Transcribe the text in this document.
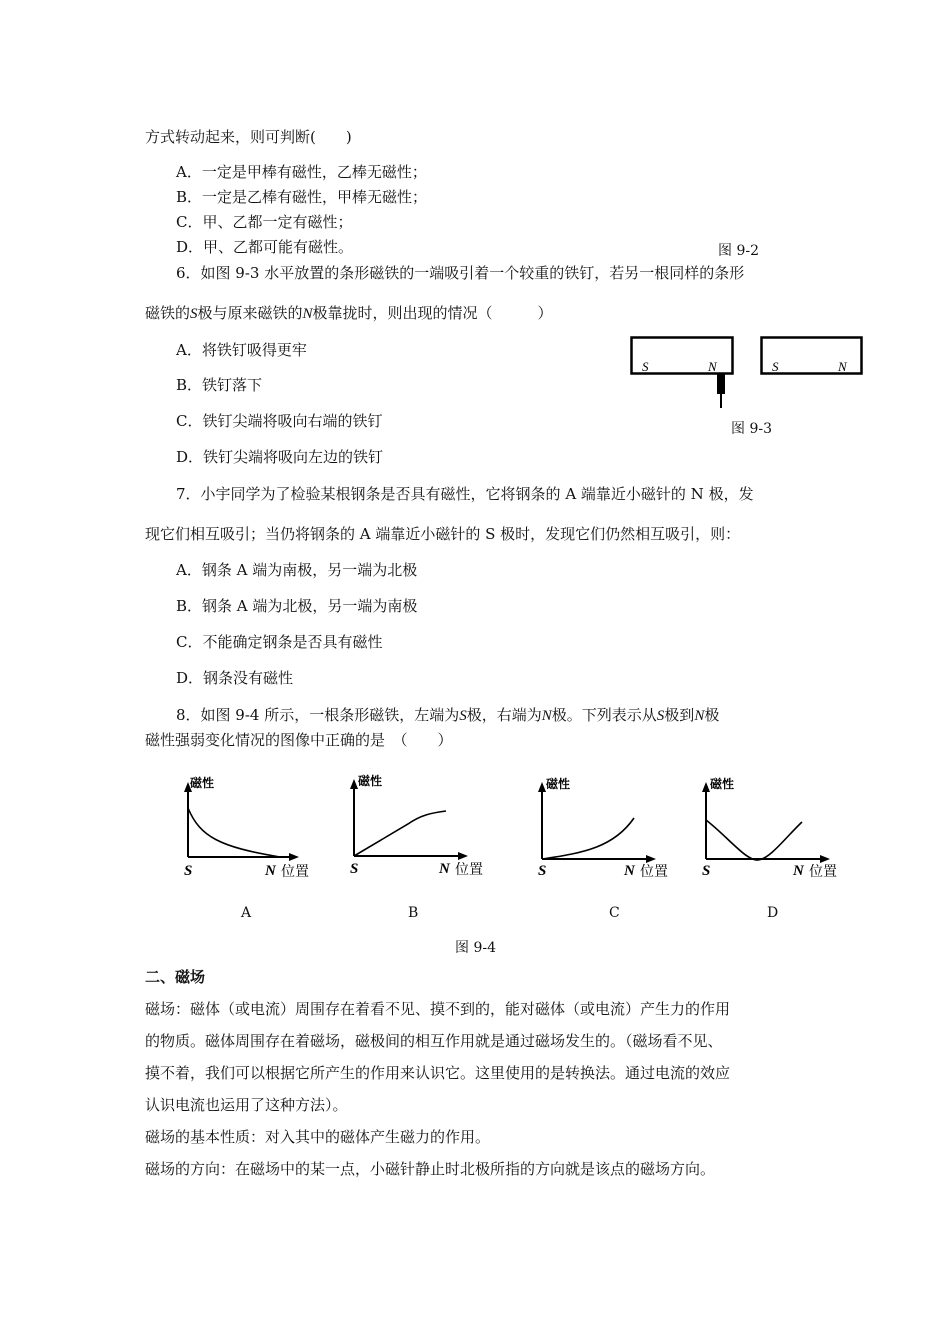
方式转动起来，则可判断(　　)
A．一定是甲棒有磁性，乙棒无磁性；
B．一定是乙棒有磁性，甲棒无磁性；
C．甲、乙都一定有磁性；
D．甲、乙都可能有磁性。	图 9-2
6．如图 9-3 水平放置的条形磁铁的一端吸引着一个较重的铁钉，若另一根同样的条形
磁铁的S极与原来磁铁的N极靠拢时，则出现的情况（　　　）
A．将铁钉吸得更牢
B．铁钉落下
C．铁钉尖端将吸向右端的铁钉
D．铁钉尖端将吸向左边的铁钉
S	N	S	N
图 9-3
7．小宇同学为了检验某根钢条是否具有磁性，它将钢条的 A 端靠近小磁针的 N 极，发
现它们相互吸引；当仍将钢条的 A 端靠近小磁针的 S 极时，发现它们仍然相互吸引，则：
A．钢条 A 端为南极，另一端为北极
B．钢条 A 端为北极，另一端为南极
C．不能确定钢条是否具有磁性
D．钢条没有磁性
8．如图 9-4 所示，一根条形磁铁，左端为S极，右端为N极。下列表示从S极到N极
磁性强弱变化情况的图像中正确的是　（　　）
磁性
S	N 位置
磁性
S	N 位置
磁性
S	N 位置
磁性
S	N 位置
A	B	C	D
图 9-4
二、磁场
磁场：磁体（或电流）周围存在着看不见、摸不到的，能对磁体（或电流）产生力的作用
的物质。磁体周围存在着磁场，磁极间的相互作用就是通过磁场发生的。（磁场看不见、
摸不着，我们可以根据它所产生的作用来认识它。这里使用的是转换法。通过电流的效应
认识电流也运用了这种方法）。
磁场的基本性质：对入其中的磁体产生磁力的作用。
磁场的方向：在磁场中的某一点，小磁针静止时北极所指的方向就是该点的磁场方向。
